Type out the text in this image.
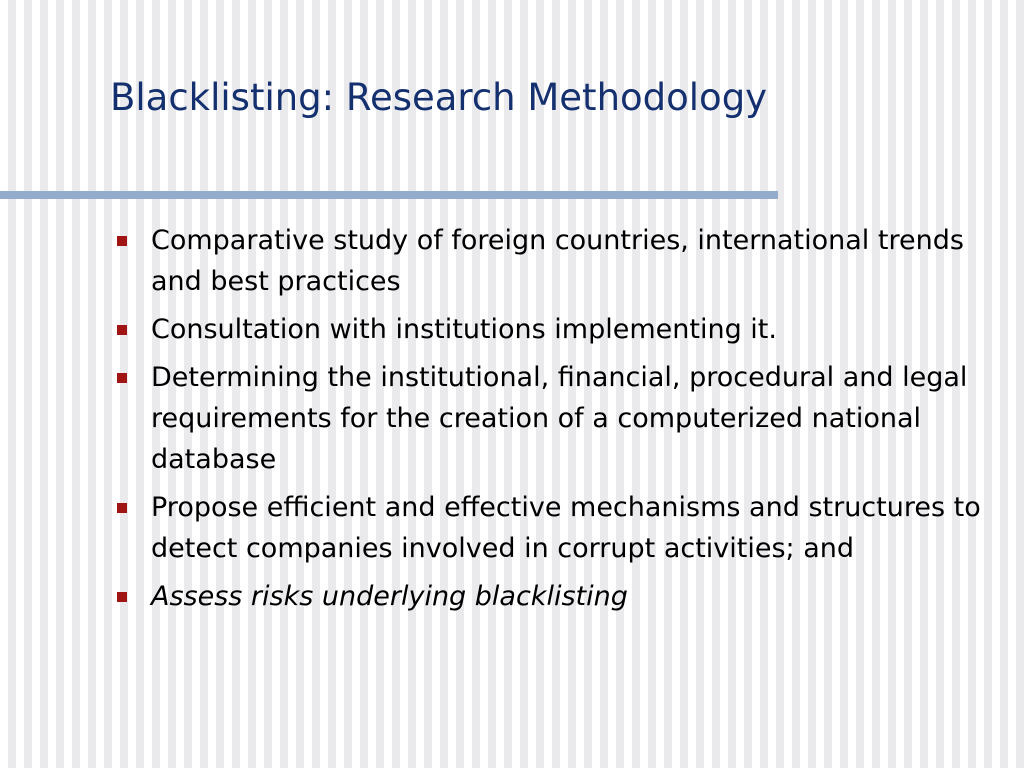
Blacklisting: Research Methodology
Comparative study of foreign countries, international trends and best practices
Consultation with institutions implementing it.
Determining the institutional, financial, procedural and legal requirements for the creation of a computerized national database
Propose efficient and effective mechanisms and structures to detect companies involved in corrupt activities; and
Assess risks underlying blacklisting
